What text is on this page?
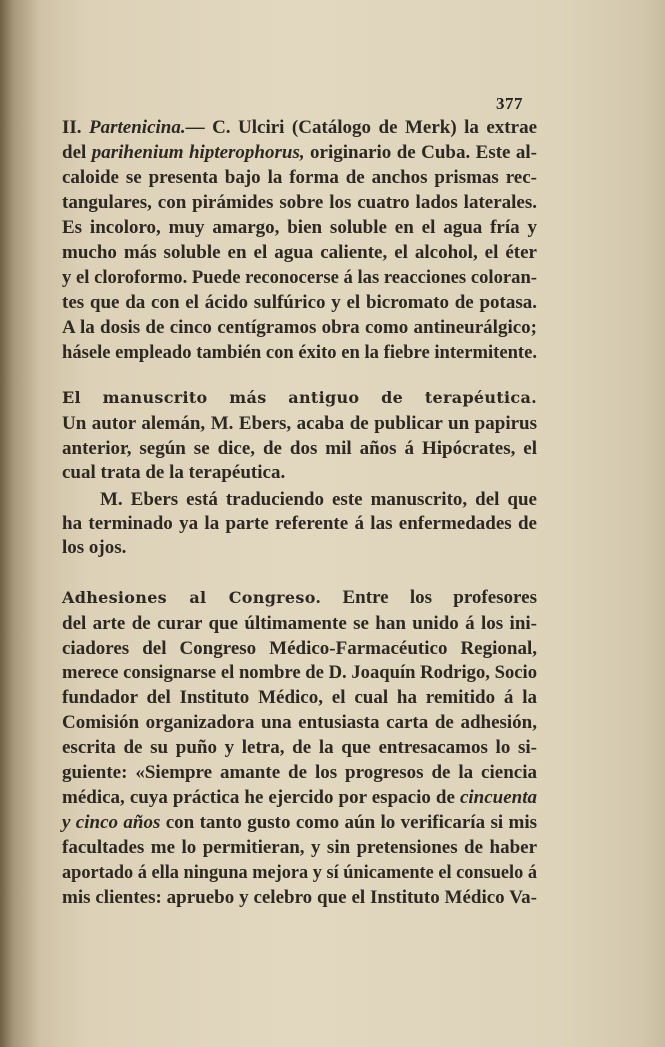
377
II. Partenicina.— C. Ulciri (Catálogo de Merk) la extrae
del parihenium hipterophorus, originario de Cuba. Este al-
caloide se presenta bajo la forma de anchos prismas rec-
tangulares, con pirámides sobre los cuatro lados laterales.
Es incoloro, muy amargo, bien soluble en el agua fría y
mucho más soluble en el agua caliente, el alcohol, el éter
y el cloroformo. Puede reconocerse á las reacciones coloran-
tes que da con el ácido sulfúrico y el bicromato de potasa.
A la dosis de cinco centígramos obra como antineurálgico;
hásele empleado también con éxito en la fiebre intermitente.
El manuscrito más antiguo de terapéutica.
Un autor alemán, M. Ebers, acaba de publicar un papirus
anterior, según se dice, de dos mil años á Hipócrates, el
cual trata de la terapéutica.
M. Ebers está traduciendo este manuscrito, del que
ha terminado ya la parte referente á las enfermedades de
los ojos.
Adhesiones al Congreso. Entre los profesores
del arte de curar que últimamente se han unido á los ini-
ciadores del Congreso Médico-Farmacéutico Regional,
merece consignarse el nombre de D. Joaquín Rodrigo, Socio
fundador del Instituto Médico, el cual ha remitido á la
Comisión organizadora una entusiasta carta de adhesión,
escrita de su puño y letra, de la que entresacamos lo si-
guiente: «Siempre amante de los progresos de la ciencia
médica, cuya práctica he ejercido por espacio de cincuenta
y cinco años con tanto gusto como aún lo verificaría si mis
facultades me lo permitieran, y sin pretensiones de haber
aportado á ella ninguna mejora y sí únicamente el consuelo á
mis clientes: apruebo y celebro que el Instituto Médico Va-
